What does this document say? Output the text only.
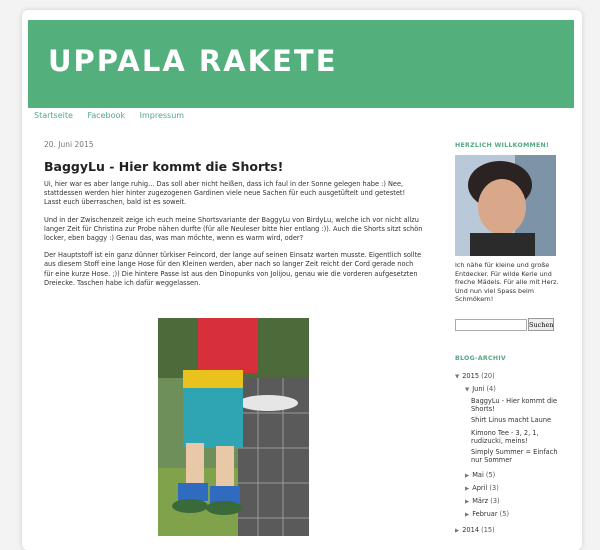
UPPALA RAKETE
Startseite Facebook Impressum
20. Juni 2015
BaggyLu - Hier kommt die Shorts!

Ui, hier war es aber lange ruhig... Das soll aber nicht heißen, dass ich faul in der Sonne gelegen habe :) Nee, stattdessen werden hier hinter zugezogenen Gardinen viele neue Sachen für euch ausgetüftelt und getestet! Lasst euch überraschen, bald ist es soweit.

Und in der Zwischenzeit zeige ich euch meine Shortsvariante der BaggyLu von BirdyLu, welche ich vor nicht allzu langer Zeit für Christina zur Probe nähen durfte (für alle Neuleser bitte hier entlang :)). Auch die Shorts sitzt schön locker, eben baggy :) Genau das, was man möchte, wenn es warm wird, oder?

Der Hauptstoff ist ein ganz dünner türkiser Feincord, der lange auf seinen Einsatz warten musste. Eigentlich sollte aus diesem Stoff eine lange Hose für den Kleinen werden, aber nach so langer Zeit reicht der Cord gerade noch für eine kurze Hose. ;)) Die hintere Passe ist aus den Dinopunks von Jolijou, genau wie die vorderen aufgesetzten Dreiecke. Taschen habe ich dafür weggelassen.

HERZLICH WILLKOMMEN!
Ich nähe für kleine und große Entdecker. Für wilde Kerle und freche Mädels. Für alle mit Herz. Und nun viel Spass beim Schmökern!
Suchen
BLOG-ARCHIV
▼ 2015 (20)
▼ Juni (4)
BaggyLu - Hier kommt die Shorts!
Shirt Linus macht Laune
Kimono Tee - 3, 2, 1, rudizucki, meins!
Simply Summer = Einfach nur Sommer
▶ Mai (5)
▶ April (3)
▶ März (3)
▶ Februar (5)
▶ 2014 (15)
